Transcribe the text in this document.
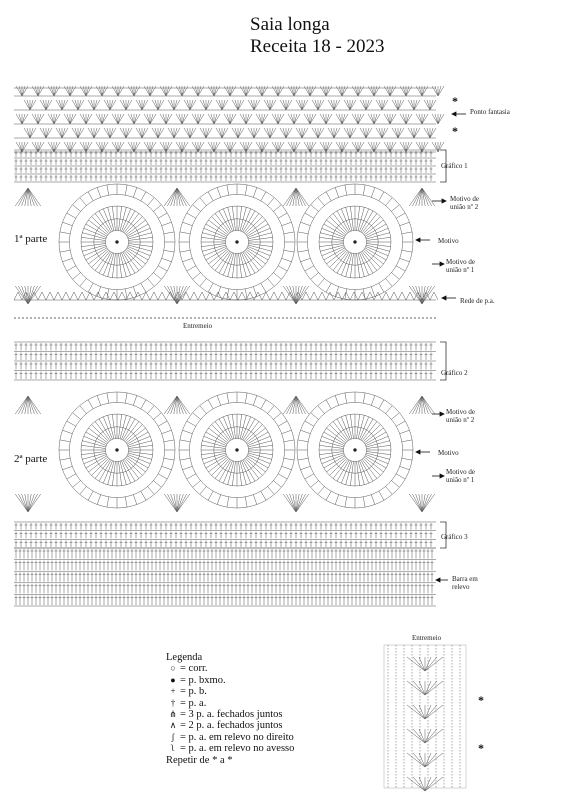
Saia longa
Receita 18 - 2023
*
*
*
*
Ponto fantasia
Gráfico 1
Motivo de união nº 2
Motivo
Motivo de união nº 1
Rede de p.a.
Entremeio
Gráfico 2
Motivo de união nº 2
Motivo
Motivo de união nº 1
Gráfico 3
Barra em relevo
Entremeio
1ª parte
2ª parte
Legenda
○ = corr.
● = p. bxmo.
+ = p. b.
† = p. a.
⋔ = 3 p. a. fechados juntos
∧ = 2 p. a. fechados juntos
ʃ = p. a. em relevo no direito
ʅ = p. a. em relevo no avesso
Repetir de * a *
